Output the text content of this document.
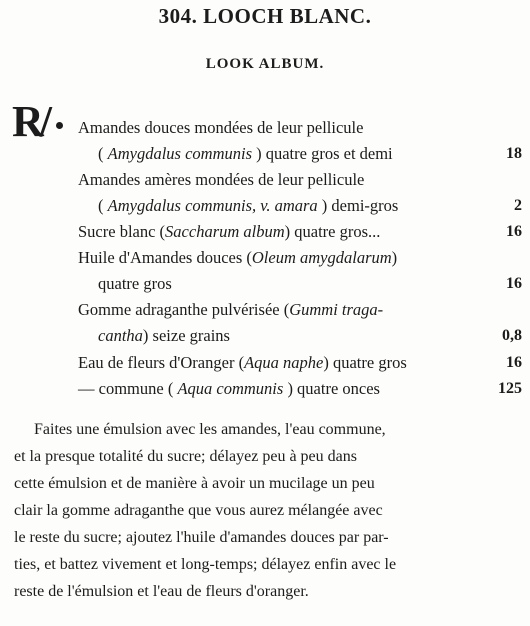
304. LOOCH BLANC.
LOOK ALBUM.
R/ Amandes douces mondées de leur pellicule
( Amygdalus communis ) quatre gros et demi
Amandes amères mondées de leur pellicule
( Amygdalus communis, v. amara ) demi-gros
Sucre blanc (Saccharum album) quatre gros...
Huile d'Amandes douces (Oleum amygdalarum)
quatre gros
Gomme adraganthe pulvérisée (Gummi traga-
cantha) seize grains
Eau de fleurs d'Oranger (Aqua naphe) quatre gros
— commune ( Aqua communis ) quatre onces
18
2
16
16
0,8
16
125
Faites une émulsion avec les amandes, l'eau commune,
et la presque totalité du sucre; délayez peu à peu dans
cette émulsion et de manière à avoir un mucilage un peu
clair la gomme adraganthe que vous aurez mélangée avec
le reste du sucre; ajoutez l'huile d'amandes douces par par-
ties, et battez vivement et long-temps; délayez enfin avec le
reste de l'émulsion et l'eau de fleurs d'oranger.
